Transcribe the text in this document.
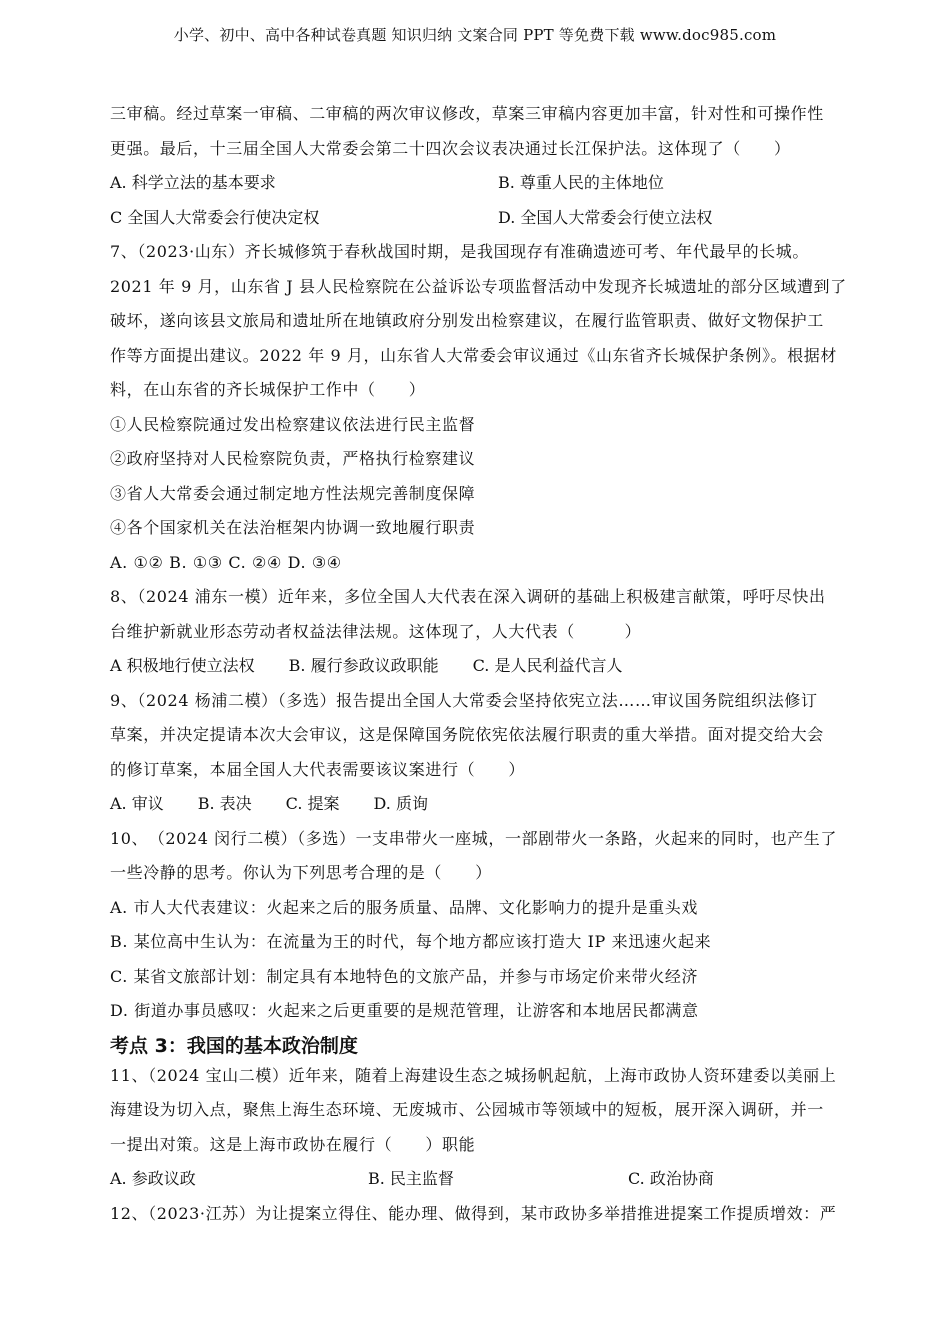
小学、初中、高中各种试卷真题 知识归纳 文案合同 PPT 等免费下载 www.doc985.com
三审稿。经过草案一审稿、二审稿的两次审议修改，草案三审稿内容更加丰富，针对性和可操作性
更强。最后，十三届全国人大常委会第二十四次会议表决通过长江保护法。这体现了（　　）
A. 科学立法的基本要求	B. 尊重人民的主体地位
C 全国人大常委会行使决定权	D. 全国人大常委会行使立法权
7、（2023·山东）齐长城修筑于春秋战国时期，是我国现存有准确遗迹可考、年代最早的长城。
2021 年 9 月，山东省 J 县人民检察院在公益诉讼专项监督活动中发现齐长城遗址的部分区域遭到了
破坏，遂向该县文旅局和遗址所在地镇政府分别发出检察建议，在履行监管职责、做好文物保护工
作等方面提出建议。2022 年 9 月，山东省人大常委会审议通过《山东省齐长城保护条例》。根据材
料，在山东省的齐长城保护工作中（　　）
①人民检察院通过发出检察建议依法进行民主监督
②政府坚持对人民检察院负责，严格执行检察建议
③省人大常委会通过制定地方性法规完善制度保障
④各个国家机关在法治框架内协调一致地履行职责
A. ①② B. ①③ C. ②④ D. ③④
8、（2024 浦东一模）近年来，多位全国人大代表在深入调研的基础上积极建言献策，呼吁尽快出
台维护新就业形态劳动者权益法律法规。这体现了，人大代表（　　　）
A 积极地行使立法权 B. 履行参政议政职能 C. 是人民利益代言人
9、（2024 杨浦二模）（多选）报告提出全国人大常委会坚持依宪立法……审议国务院组织法修订
草案，并决定提请本次大会审议，这是保障国务院依宪依法履行职责的重大举措。面对提交给大会
的修订草案，本届全国人大代表需要该议案进行（　　）
A. 审议 B. 表决 C. 提案 D. 质询
10、　（2024 闵行二模）（多选）一支串带火一座城，一部剧带火一条路，火起来的同时，也产生了
一些冷静的思考。你认为下列思考合理的是（　　）
A. 市人大代表建议：火起来之后的服务质量、品牌、文化影响力的提升是重头戏
B. 某位高中生认为：在流量为王的时代，每个地方都应该打造大 IP 来迅速火起来
C. 某省文旅部计划：制定具有本地特色的文旅产品，并参与市场定价来带火经济
D. 街道办事员感叹：火起来之后更重要的是规范管理，让游客和本地居民都满意
考点 3：我国的基本政治制度
11、（2024 宝山二模）近年来，随着上海建设生态之城扬帆起航，上海市政协人资环建委以美丽上
海建设为切入点，聚焦上海生态环境、无废城市、公园城市等领域中的短板，展开深入调研，并一
一提出对策。这是上海市政协在履行（　　）职能
A. 参政议政	B. 民主监督	C. 政治协商
12、（2023·江苏）为让提案立得住、能办理、做得到，某市政协多举措推进提案工作提质增效：严
